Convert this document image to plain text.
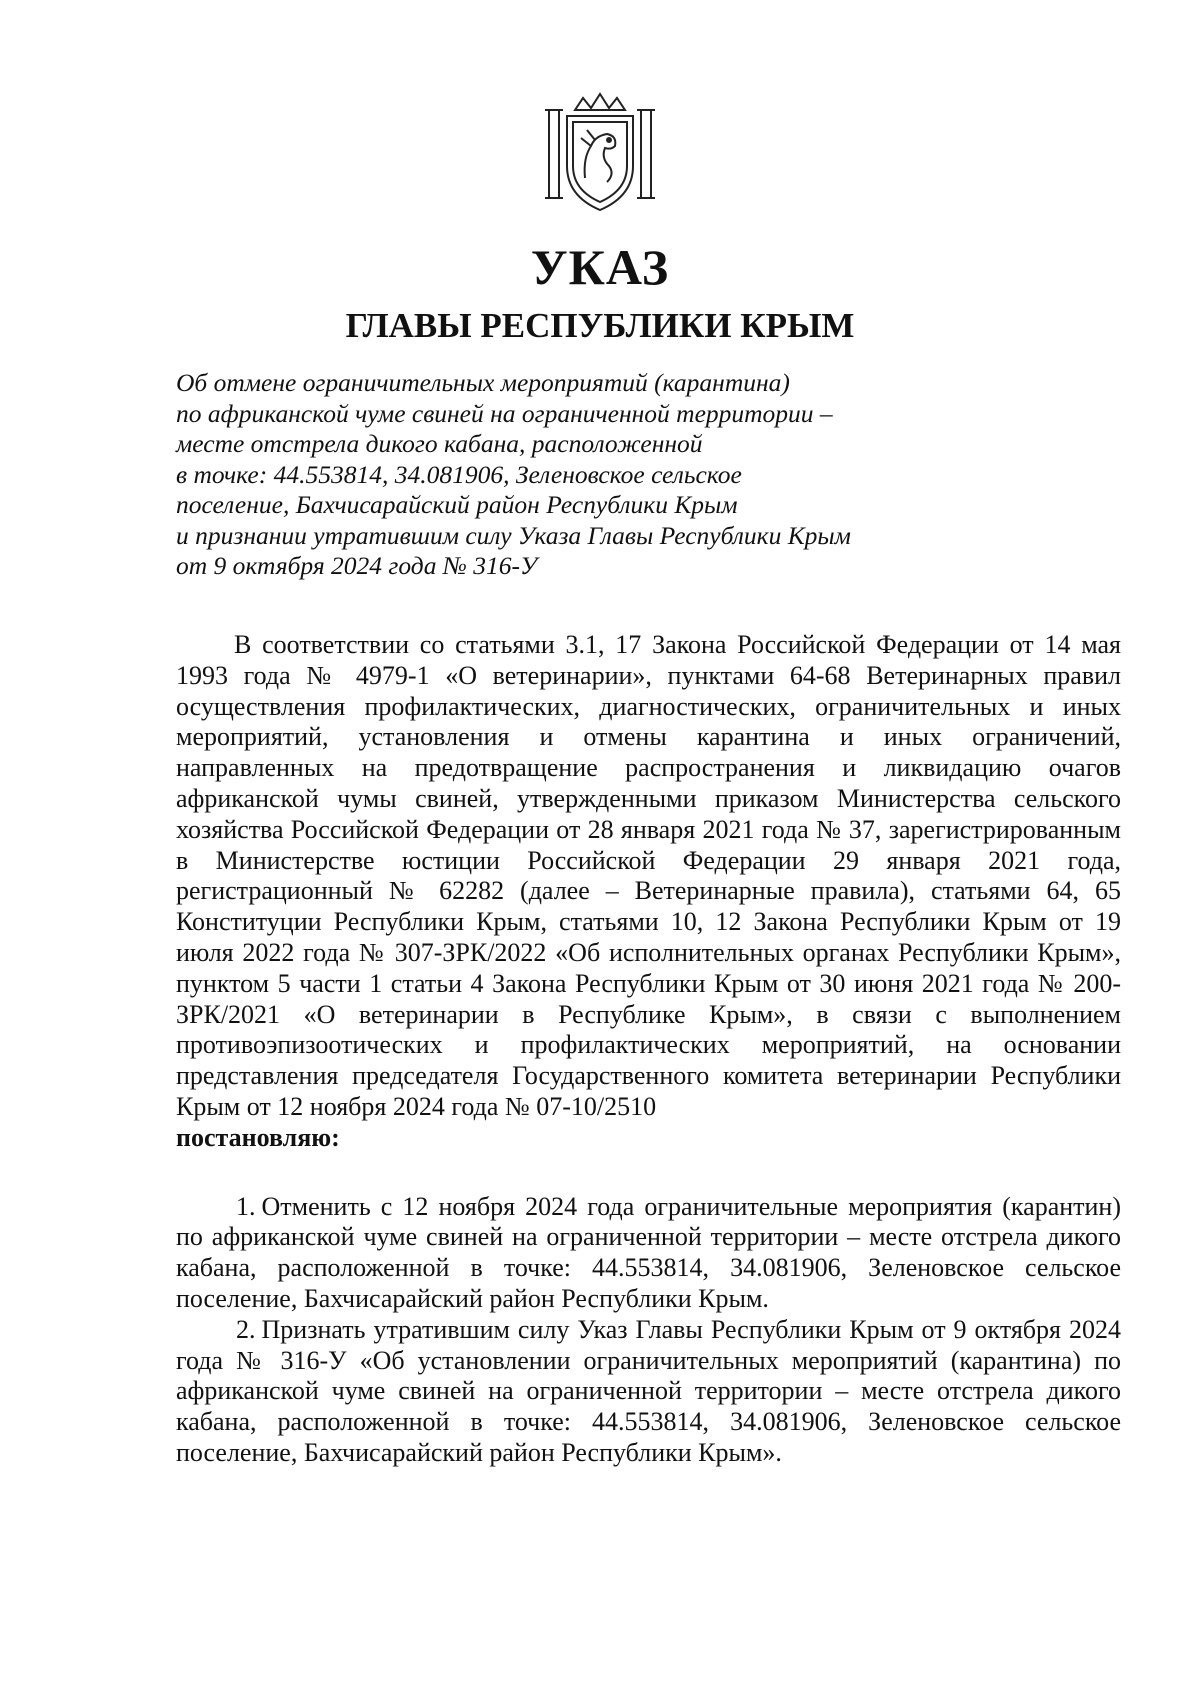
УКАЗ
ГЛАВЫ РЕСПУБЛИКИ КРЫМ
Об отмене ограничительных мероприятий (карантина)
по африканской чуме свиней на ограниченной территории –
месте отстрела дикого кабана, расположенной
в точке: 44.553814, 34.081906, Зеленовское сельское
поселение, Бахчисарайский район Республики Крым
и признании утратившим силу Указа Главы Республики Крым
от 9 октября 2024 года № 316-У

В соответствии со статьями 3.1, 17 Закона Российской Федерации от 14 мая 1993 года № 4979-1 «О ветеринарии», пунктами 64-68 Ветеринарных правил осуществления профилактических, диагностических, ограничительных и иных мероприятий, установления и отмены карантина и иных ограничений, направленных на предотвращение распространения и ликвидацию очагов африканской чумы свиней, утвержденными приказом Министерства сельского хозяйства Российской Федерации от 28 января 2021 года № 37, зарегистрированным в Министерстве юстиции Российской Федерации 29 января 2021 года, регистрационный № 62282 (далее – Ветеринарные правила), статьями 64, 65 Конституции Республики Крым, статьями 10, 12 Закона Республики Крым от 19 июля 2022 года № 307-ЗРК/2022 «Об исполнительных органах Республики Крым», пунктом 5 части 1 статьи 4 Закона Республики Крым от 30 июня 2021 года № 200-ЗРК/2021 «О ветеринарии в Республике Крым», в связи с выполнением противоэпизоотических и профилактических мероприятий, на основании представления председателя Государственного комитета ветеринарии Республики Крым от 12 ноября 2024 года № 07-10/2510

постановляю:

1. Отменить с 12 ноября 2024 года ограничительные мероприятия (карантин) по африканской чуме свиней на ограниченной территории – месте отстрела дикого кабана, расположенной в точке: 44.553814, 34.081906, Зеленовское сельское поселение, Бахчисарайский район Республики Крым.

2. Признать утратившим силу Указ Главы Республики Крым от 9 октября 2024 года № 316-У «Об установлении ограничительных мероприятий (карантина) по африканской чуме свиней на ограниченной территории – месте отстрела дикого кабана, расположенной в точке: 44.553814, 34.081906, Зеленовское сельское поселение, Бахчисарайский район Республики Крым».
